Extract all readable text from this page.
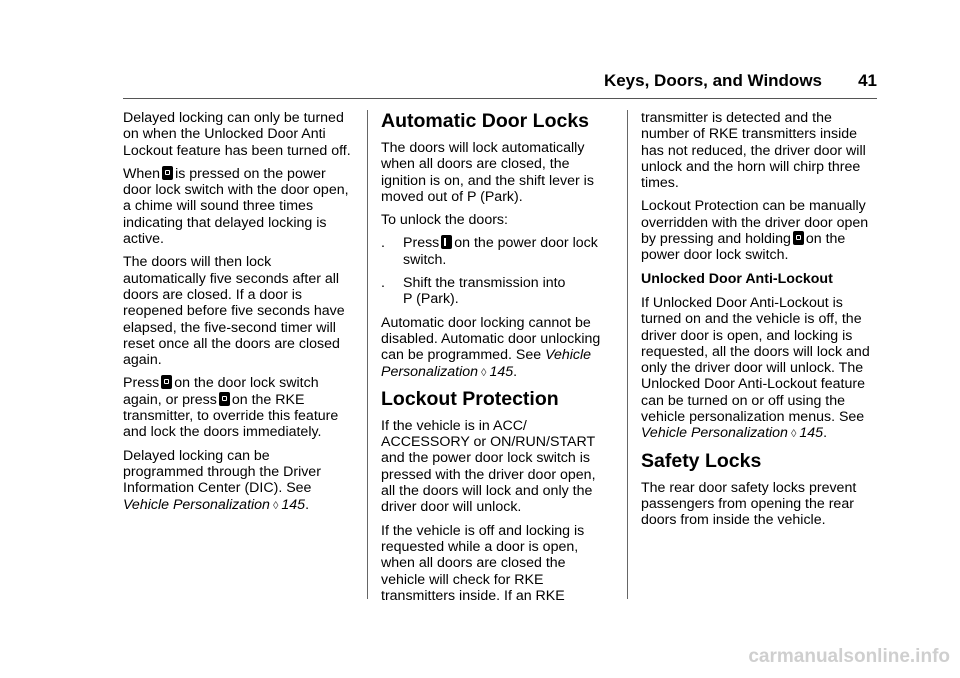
Keys, Doors, and Windows 41

Delayed locking can only be turned
on when the Unlocked Door Anti
Lockout feature has been turned off.

When is pressed on the power
door lock switch with the door open,
a chime will sound three times
indicating that delayed locking is
active.

The doors will then lock
automatically five seconds after all
doors are closed. If a door is
reopened before five seconds have
elapsed, the five-second timer will
reset once all the doors are closed
again.

Press on the door lock switch
again, or press on the RKE
transmitter, to override this feature
and lock the doors immediately.

Delayed locking can be
programmed through the Driver
Information Center (DIC). See
Vehicle Personalization ◊ 145.

Automatic Door Locks

The doors will lock automatically
when all doors are closed, the
ignition is on, and the shift lever is
moved out of P (Park).

To unlock the doors:

.	Press on the power door lock
switch.
.	Shift the transmission into
P (Park).

Automatic door locking cannot be
disabled. Automatic door unlocking
can be programmed. See Vehicle
Personalization ◊ 145.

Lockout Protection

If the vehicle is in ACC/
ACCESSORY or ON/RUN/START
and the power door lock switch is
pressed with the driver door open,
all the doors will lock and only the
driver door will unlock.

If the vehicle is off and locking is
requested while a door is open,
when all doors are closed the
vehicle will check for RKE
transmitters inside. If an RKE

transmitter is detected and the
number of RKE transmitters inside
has not reduced, the driver door will
unlock and the horn will chirp three
times.

Lockout Protection can be manually
overridden with the driver door open
by pressing and holding on the
power door lock switch.

Unlocked Door Anti-Lockout

If Unlocked Door Anti-Lockout is
turned on and the vehicle is off, the
driver door is open, and locking is
requested, all the doors will lock and
only the driver door will unlock. The
Unlocked Door Anti-Lockout feature
can be turned on or off using the
vehicle personalization menus. See
Vehicle Personalization ◊ 145.

Safety Locks

The rear door safety locks prevent
passengers from opening the rear
doors from inside the vehicle.

carmanualsonline.info
